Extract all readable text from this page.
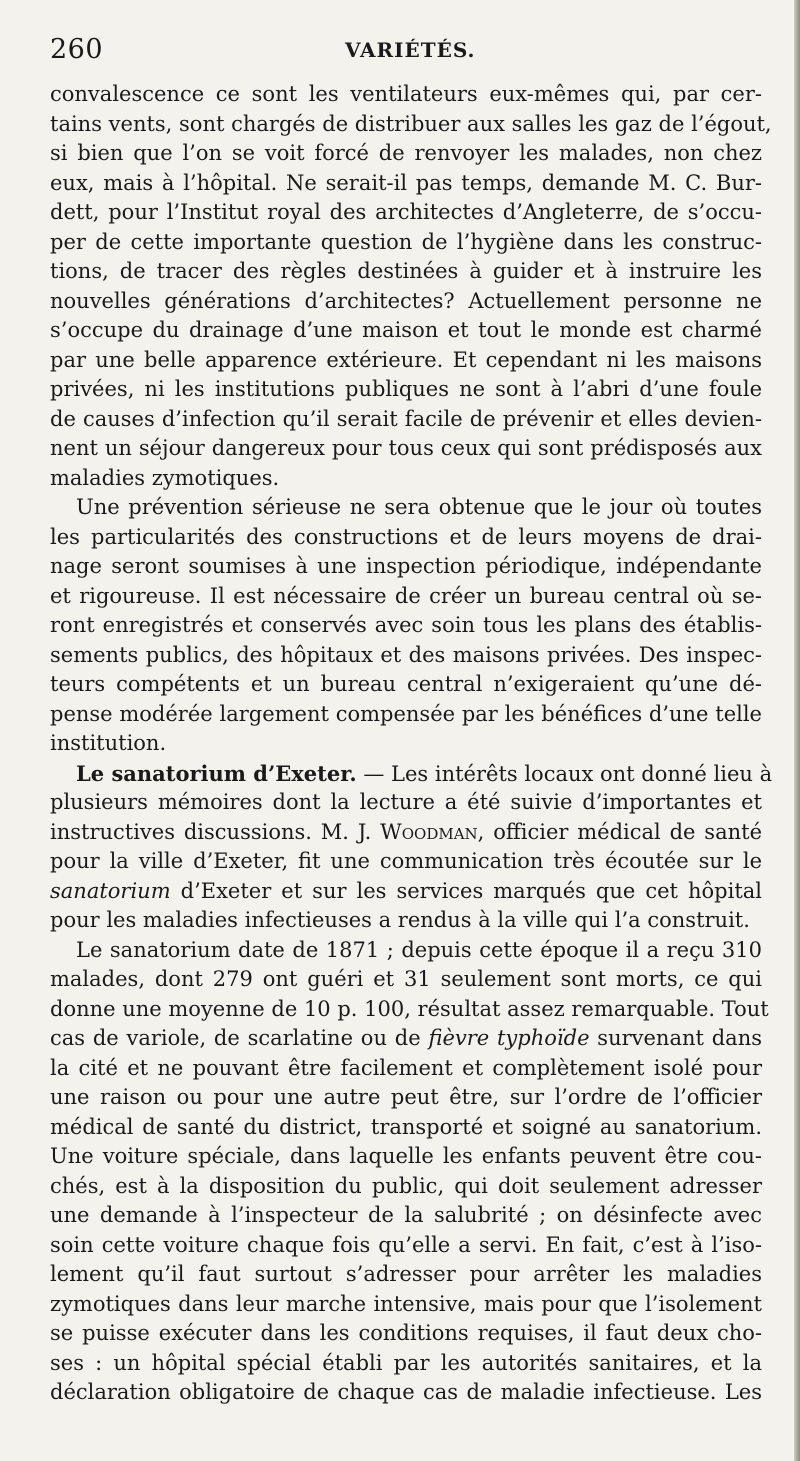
260	VARIÉTÉS.
convalescence ce sont les ventilateurs eux-mêmes qui, par cer-
tains vents, sont chargés de distribuer aux salles les gaz de l’égout,
si bien que l’on se voit forcé de renvoyer les malades, non chez
eux, mais à l’hôpital. Ne serait-il pas temps, demande M. C. Bur-
dett, pour l’Institut royal des architectes d’Angleterre, de s’occu-
per de cette importante question de l’hygiène dans les construc-
tions, de tracer des règles destinées à guider et à instruire les
nouvelles générations d’architectes? Actuellement personne ne
s’occupe du drainage d’une maison et tout le monde est charmé
par une belle apparence extérieure. Et cependant ni les maisons
privées, ni les institutions publiques ne sont à l’abri d’une foule
de causes d’infection qu’il serait facile de prévenir et elles devien-
nent un séjour dangereux pour tous ceux qui sont prédisposés aux
maladies zymotiques.
Une prévention sérieuse ne sera obtenue que le jour où toutes
les particularités des constructions et de leurs moyens de drai-
nage seront soumises à une inspection périodique, indépendante
et rigoureuse. Il est nécessaire de créer un bureau central où se-
ront enregistrés et conservés avec soin tous les plans des établis-
sements publics, des hôpitaux et des maisons privées. Des inspec-
teurs compétents et un bureau central n’exigeraient qu’une dé-
pense modérée largement compensée par les bénéfices d’une telle
institution.
Le sanatorium d’Exeter. — Les intérêts locaux ont donné lieu à
plusieurs mémoires dont la lecture a été suivie d’importantes et
instructives discussions. M. J. Woodman, officier médical de santé
pour la ville d’Exeter, fit une communication très écoutée sur le
sanatorium d’Exeter et sur les services marqués que cet hôpital
pour les maladies infectieuses a rendus à la ville qui l’a construit.
Le sanatorium date de 1871 ; depuis cette époque il a reçu 310
malades, dont 279 ont guéri et 31 seulement sont morts, ce qui
donne une moyenne de 10 p. 100, résultat assez remarquable. Tout
cas de variole, de scarlatine ou de fièvre typhoïde survenant dans
la cité et ne pouvant être facilement et complètement isolé pour
une raison ou pour une autre peut être, sur l’ordre de l’officier
médical de santé du district, transporté et soigné au sanatorium.
Une voiture spéciale, dans laquelle les enfants peuvent être cou-
chés, est à la disposition du public, qui doit seulement adresser
une demande à l’inspecteur de la salubrité ; on désinfecte avec
soin cette voiture chaque fois qu’elle a servi. En fait, c’est à l’iso-
lement qu’il faut surtout s’adresser pour arrêter les maladies
zymotiques dans leur marche intensive, mais pour que l’isolement
se puisse exécuter dans les conditions requises, il faut deux cho-
ses : un hôpital spécial établi par les autorités sanitaires, et la
déclaration obligatoire de chaque cas de maladie infectieuse. Les
